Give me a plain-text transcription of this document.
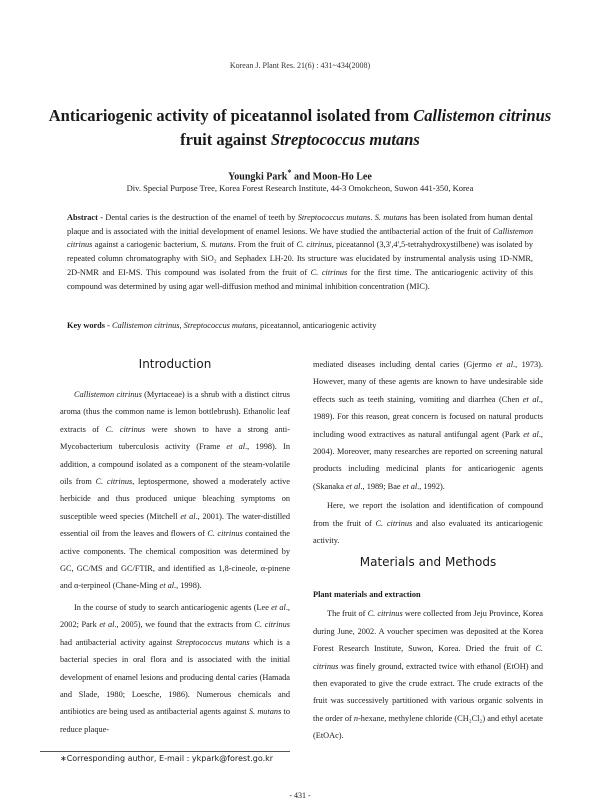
Korean J. Plant Res. 21(6) : 431~434(2008)
Anticariogenic activity of piceatannol isolated from Callistemon citrinus
fruit against Streptococcus mutans
Youngki Park* and Moon-Ho Lee
Div. Special Purpose Tree, Korea Forest Research Institute, 44-3 Omokcheon, Suwon 441-350, Korea
Abstract - Dental caries is the destruction of the enamel of teeth by Streptococcus mutans. S. mutans has been isolated from human dental plaque and is associated with the initial development of enamel lesions. We have studied the antibacterial action of the fruit of Callistemon citrinus against a cariogenic bacterium, S. mutans. From the fruit of C. citrinus, piceatannol (3,3',4',5-tetrahydroxystilbene) was isolated by repeated column chromatography with SiO₂ and Sephadex LH-20. Its structure was elucidated by instrumental analysis using 1D-NMR, 2D-NMR and EI-MS. This compound was isolated from the fruit of C. citrinus for the first time. The anticariogenic activity of this compound was determined by using agar well-diffusion method and minimal inhibition concentration (MIC).
Key words - Callistemon citrinus, Streptococcus mutans, piceatannol, anticariogenic activity
Introduction

Callistemon citrinus (Myrtaceae) is a shrub with a distinct citrus aroma (thus the common name is lemon bottlebrush). Ethanolic leaf extracts of C. citrinus were shown to have a strong anti-Mycobacterium tuberculosis activity (Frame et al., 1998). In addition, a compound isolated as a component of the steam-volatile oils from C. citrinus, leptospermone, showed a moderately active herbicide and thus produced unique bleaching symptoms on susceptible weed species (Mitchell et al., 2001). The water-distilled essential oil from the leaves and flowers of C. citrinus contained the active components. The chemical composition was determined by GC, GC/MS and GC/FTIR, and identified as 1,8-cineole, α-pinene and α-terpineol (Chane-Ming et al., 1998).

In the course of study to search anticariogenic agents (Lee et al., 2002; Park et al., 2005), we found that the extracts from C. citrinus had antibacterial activity against Streptococcus mutans which is a bacterial species in oral flora and is associated with the initial development of enamel lesions and producing dental caries (Hamada and Slade, 1980; Loesche, 1986). Numerous chemicals and antibiotics are being used as antibacterial agents against S. mutans to reduce plaque-

mediated diseases including dental caries (Gjermo et al., 1973). However, many of these agents are known to have undesirable side effects such as teeth staining, vomiting and diarrhea (Chen et al., 1989). For this reason, great concern is focused on natural products including wood extractives as natural antifungal agent (Park et al., 2004). Moreover, many researches are reported on screening natural products including medicinal plants for anticariogenic agents (Skanaka et al., 1989; Bae et al., 1992).

Here, we report the isolation and identification of compound from the fruit of C. citrinus and also evaluated its anticariogenic activity.

Materials and Methods

Plant materials and extraction

The fruit of C. citrinus were collected from Jeju Province, Korea during June, 2002. A voucher specimen was deposited at the Korea Forest Research Institute, Suwon, Korea. Dried the fruit of C. citrinus was finely ground, extracted twice with ethanol (EtOH) and then evaporated to give the crude extract. The crude extracts of the fruit was successively partitioned with various organic solvents in the order of n-hexane, methylene chloride (CH₂Cl₂) and ethyl acetate (EtOAc).

∗Corresponding author, E-mail : ykpark@forest.go.kr
- 431 -
